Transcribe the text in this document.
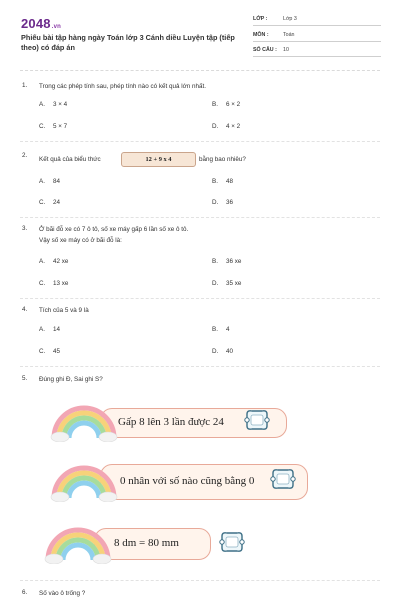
2048.vn
Phiếu bài tập hàng ngày Toán lớp 3 Cánh diều Luyện tập (tiếp theo) có đáp án
LỚP :	Lớp 3
MÔN :	Toán
SỐ CÂU : 10
1.	Trong các phép tính sau, phép tính nào có kết quả lớn nhất.
A. 3 × 4	B. 6 × 2
C. 5 × 7	D. 4 × 2
2.
Kết quả của biểu thức	bằng bao nhiêu?
12 + 9 x 4
A. 84	B. 48
C. 24	D. 36
3.	Ở bãi đỗ xe có 7 ô tô, số xe máy gấp 6 lần số xe ô tô.
Vậy số xe máy có ở bãi đỗ là:
A. 42 xe	B. 36 xe
C. 13 xe	D. 35 xe
4.	Tích của 5 và 9 là
A. 14	B. 4
C. 45	D. 40
5.	Đúng ghi Đ, Sai ghi S?
Gấp 8 lên 3 lần được 24
0 nhân với số nào cũng bằng 0
8 dm = 80 mm
6.	Số vào ô trống ?
